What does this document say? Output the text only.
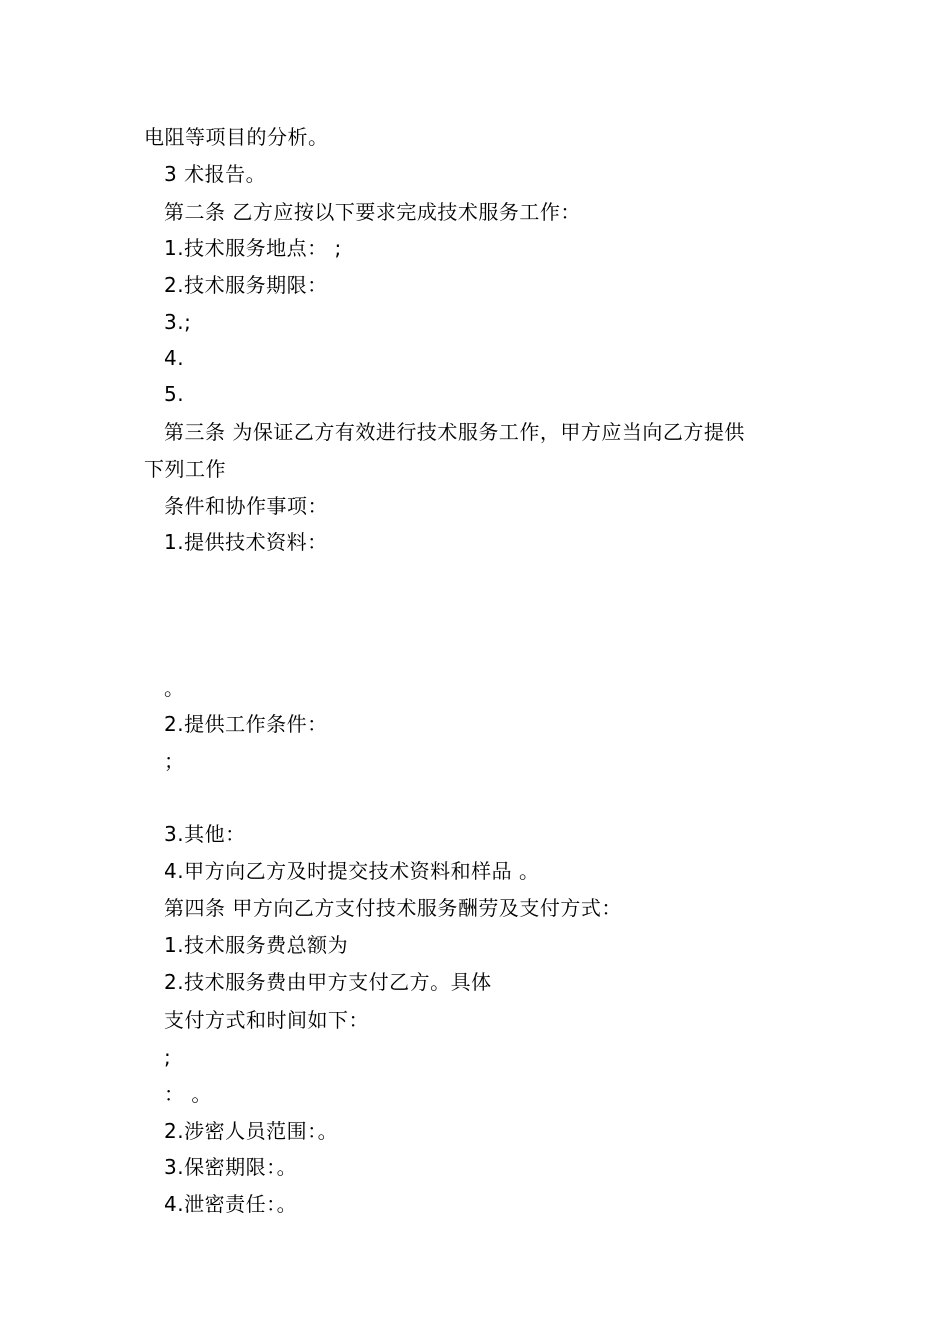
电阻等项目的分析。
3 术报告。
第二条 乙方应按以下要求完成技术服务工作：
1.技术服务地点： ;
2.技术服务期限：
3.;
4.
5.
第三条 为保证乙方有效进行技术服务工作，甲方应当向乙方提供
下列工作
条件和协作事项：
1.提供技术资料：
。
2.提供工作条件：
；
3.其他：
4.甲方向乙方及时提交技术资料和样品 。
第四条 甲方向乙方支付技术服务酬劳及支付方式：
1.技术服务费总额为
2.技术服务费由甲方支付乙方。具体
支付方式和时间如下：
;
： 。
2.涉密人员范围：。
3.保密期限：。
4.泄密责任：。
